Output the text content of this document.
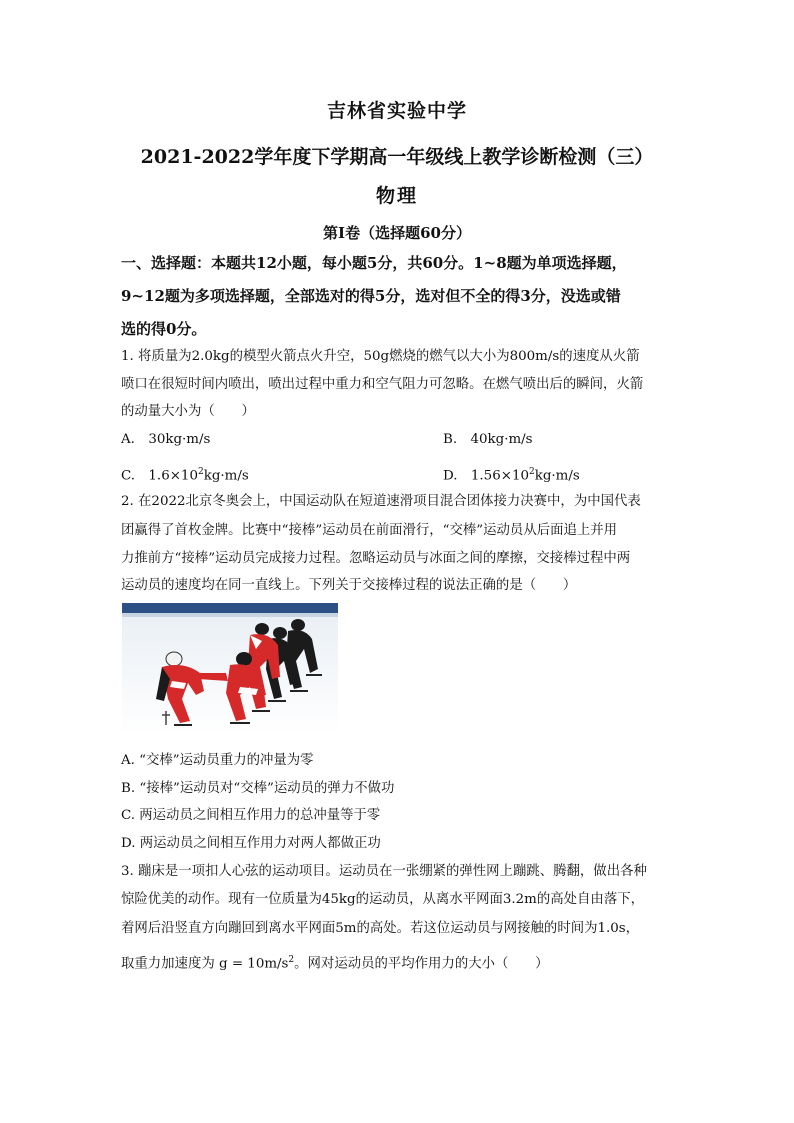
吉林省实验中学
2021-2022学年度下学期高一年级线上教学诊断检测（三）
物理
第Ⅰ卷（选择题60分）
一、选择题：本题共12小题，每小题5分，共60分。1~8题为单项选择题，
9~12题为多项选择题，全部选对的得5分，选对但不全的得3分，没选或错
选的得0分。
1. 将质量为2.0kg的模型火箭点火升空，50g燃烧的燃气以大小为800m/s的速度从火箭
喷口在很短时间内喷出，喷出过程中重力和空气阻力可忽略。在燃气喷出后的瞬间，火箭
的动量大小为（　　）
A.　30kg·m/s	B.　40kg·m/s
C.　$1.6\times 10^2kg\cdot m/s$	D.　$1.56\times 10^2kg\cdot m/s$
2. 在2022北京冬奥会上，中国运动队在短道速滑项目混合团体接力决赛中，为中国代表
团赢得了首枚金牌。比赛中“接棒”运动员在前面滑行，“交棒”运动员从后面追上并用
力推前方“接棒”运动员完成接力过程。忽略运动员与冰面之间的摩擦，交接棒过程中两
运动员的速度均在同一直线上。下列关于交接棒过程的说法正确的是（　　）
A. “交棒”运动员重力的冲量为零
B. “接棒”运动员对“交棒”运动员的弹力不做功
C. 两运动员之间相互作用力的总冲量等于零
D. 两运动员之间相互作用力对两人都做正功
3. 蹦床是一项扣人心弦的运动项目。运动员在一张绷紧的弹性网上蹦跳、腾翻，做出各种
惊险优美的动作。现有一位质量为45kg的运动员，从离水平网面3.2m的高处自由落下，
着网后沿竖直方向蹦回到离水平网面5m的高处。若这位运动员与网接触的时间为1.0s，
取重力加速度为 $g = 10m/s^2$。网对运动员的平均作用力的大小（　　）
